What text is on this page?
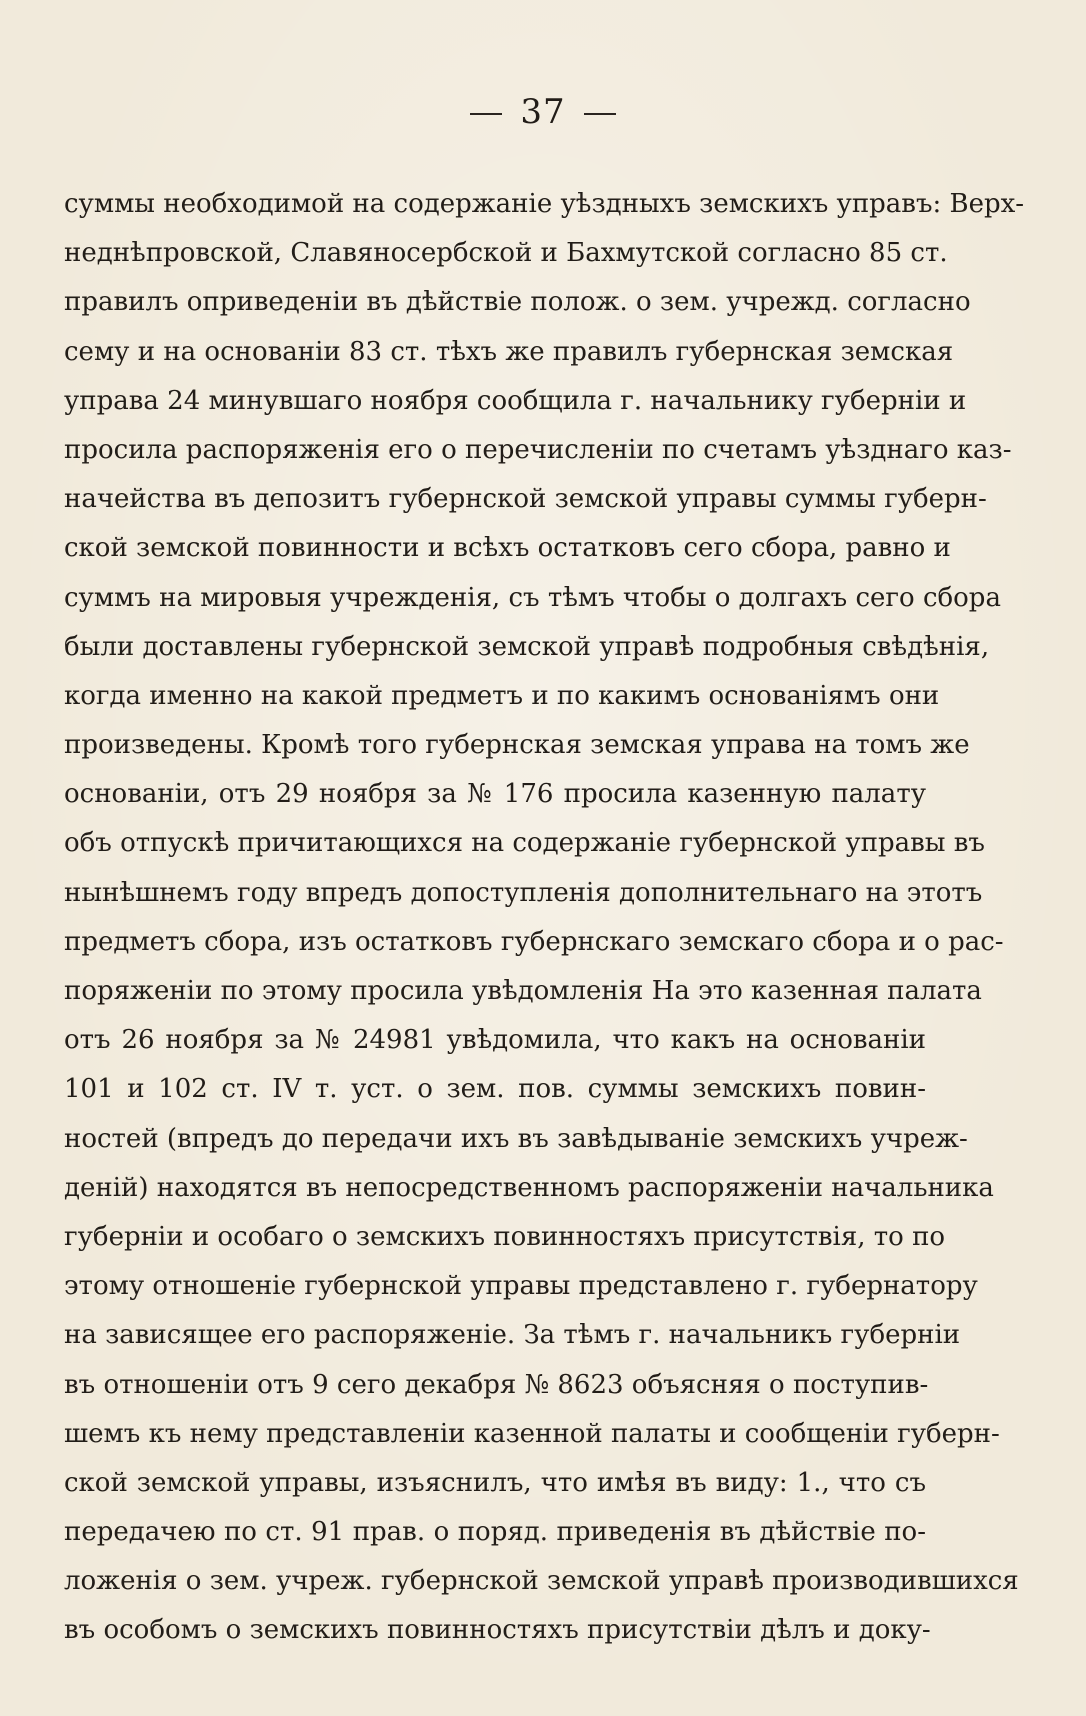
37
суммы необходимой на содержаніе уѣздныхъ земскихъ управъ: Верх-
неднѣпровской, Славяносербской и Бахмутской согласно 85 ст.
правилъ оприведеніи въ дѣйствіе полож. о зем. учрежд. согласно
сему и на основаніи 83 ст. тѣхъ же правилъ губернская земская
управа 24 минувшаго ноября сообщила г. начальнику губерніи и
просила распоряженія его о перечисленіи по счетамъ уѣзднаго каз-
начейства въ депозитъ губернской земской управы суммы губерн-
ской земской повинности и всѣхъ остатковъ сего сбора, равно и
суммъ на мировыя учрежденія, съ тѣмъ чтобы о долгахъ сего сбора
были доставлены губернской земской управѣ подробныя свѣдѣнія,
когда именно на какой предметъ и по какимъ основаніямъ они
произведены. Кромѣ того губернская земская управа на томъ же
основаніи, отъ 29 ноября за № 176 просила казенную палату
объ отпускѣ причитающихся на содержаніе губернской управы въ
нынѣшнемъ году впредъ допоступленія дополнительнаго на этотъ
предметъ сбора, изъ остатковъ губернскаго земскаго сбора и о рас-
поряженіи по этому просила увѣдомленія На это казенная палата
отъ 26 ноября за № 24981 увѣдомила, что какъ на основаніи
101 и 102 ст. IV т. уст. о зем. пов. суммы земскихъ повин-
ностей (впредъ до передачи ихъ въ завѣдываніе земскихъ учреж-
деній) находятся въ непосредственномъ распоряженіи начальника
губерніи и особаго о земскихъ повинностяхъ присутствія, то по
этому отношеніе губернской управы представлено г. губернатору
на зависящее его распоряженіе. За тѣмъ г. начальникъ губерніи
въ отношеніи отъ 9 сего декабря № 8623 объясняя о поступив-
шемъ къ нему представленіи казенной палаты и сообщеніи губерн-
ской земской управы, изъяснилъ, что имѣя въ виду: 1., что съ
передачею по ст. 91 прав. о поряд. приведенія въ дѣйствіе по-
ложенія о зем. учреж. губернской земской управѣ производившихся
въ особомъ о земскихъ повинностяхъ присутствіи дѣлъ и доку-
